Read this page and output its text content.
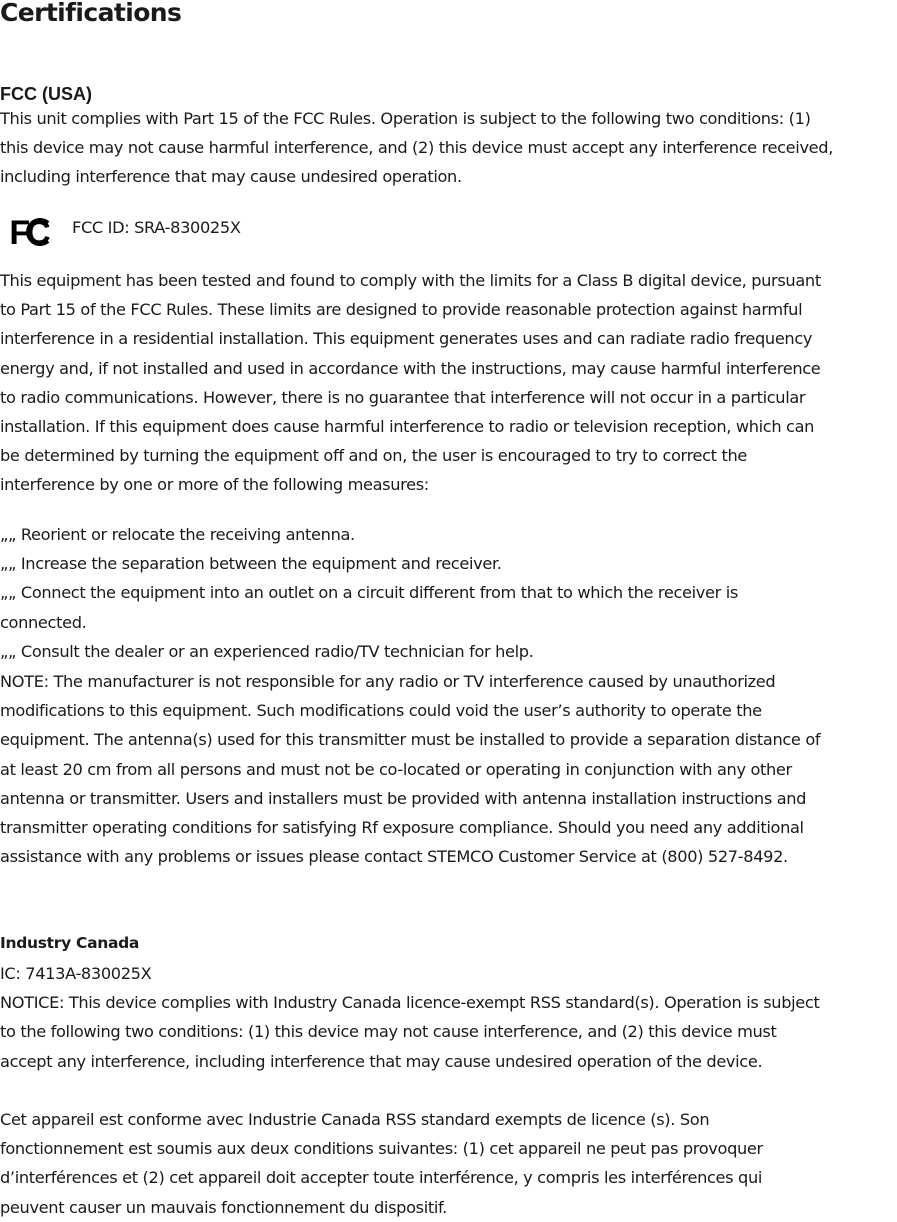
Certifications
FCC (USA)
This unit complies with Part 15 of the FCC Rules. Operation is subject to the following two conditions: (1)
this device may not cause harmful interference, and (2) this device must accept any interference received,
including interference that may cause undesired operation.
FC FCC ID: SRA-830025X
This equipment has been tested and found to comply with the limits for a Class B digital device, pursuant
to Part 15 of the FCC Rules. These limits are designed to provide reasonable protection against harmful
interference in a residential installation. This equipment generates uses and can radiate radio frequency
energy and, if not installed and used in accordance with the instructions, may cause harmful interference
to radio communications. However, there is no guarantee that interference will not occur in a particular
installation. If this equipment does cause harmful interference to radio or television reception, which can
be determined by turning the equipment off and on, the user is encouraged to try to correct the
interference by one or more of the following measures:
„„ Reorient or relocate the receiving antenna.
„„ Increase the separation between the equipment and receiver.
„„ Connect the equipment into an outlet on a circuit different from that to which the receiver is
connected.
„„ Consult the dealer or an experienced radio/TV technician for help.
NOTE: The manufacturer is not responsible for any radio or TV interference caused by unauthorized
modifications to this equipment. Such modifications could void the user’s authority to operate the
equipment. The antenna(s) used for this transmitter must be installed to provide a separation distance of
at least 20 cm from all persons and must not be co-located or operating in conjunction with any other
antenna or transmitter. Users and installers must be provided with antenna installation instructions and
transmitter operating conditions for satisfying Rf exposure compliance. Should you need any additional
assistance with any problems or issues please contact STEMCO Customer Service at (800) 527-8492.
Industry Canada
IC: 7413A-830025X
NOTICE: This device complies with Industry Canada licence-exempt RSS standard(s). Operation is subject
to the following two conditions: (1) this device may not cause interference, and (2) this device must
accept any interference, including interference that may cause undesired operation of the device.
Cet appareil est conforme avec Industrie Canada RSS standard exempts de licence (s). Son
fonctionnement est soumis aux deux conditions suivantes: (1) cet appareil ne peut pas provoquer
d’interférences et (2) cet appareil doit accepter toute interférence, y compris les interférences qui
peuvent causer un mauvais fonctionnement du dispositif.
